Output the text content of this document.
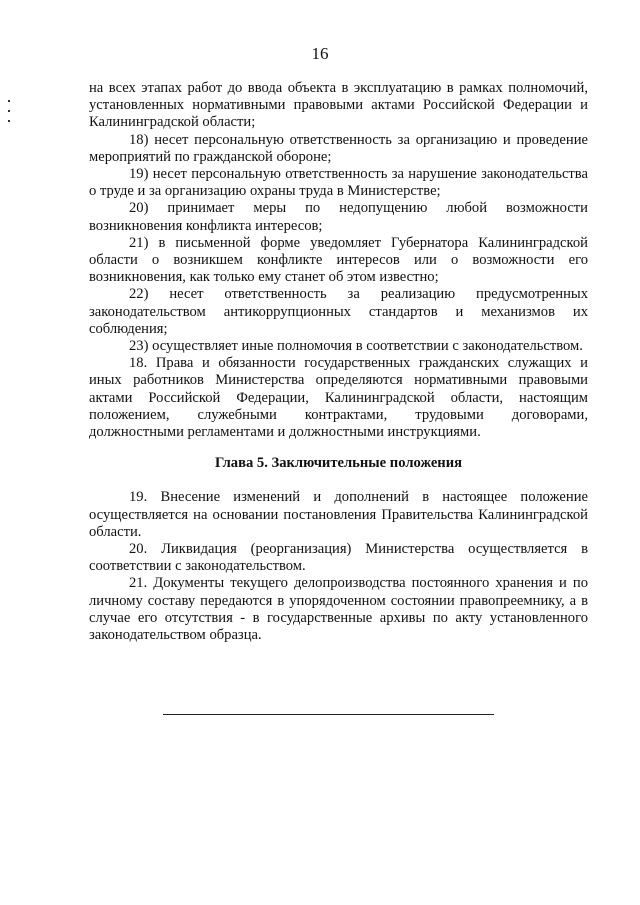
16

на всех этапах работ до ввода объекта в эксплуатацию в рамках полномочий, установленных нормативными правовыми актами Российской Федерации и Калининградской области;

18) несет персональную ответственность за организацию и проведение мероприятий по гражданской обороне;

19) несет персональную ответственность за нарушение законодательства о труде и за организацию охраны труда в Министерстве;

20) принимает меры по недопущению любой возможности возникновения конфликта интересов;

21) в письменной форме уведомляет Губернатора Калининградской области о возникшем конфликте интересов или о возможности его возникновения, как только ему станет об этом известно;

22) несет ответственность за реализацию предусмотренных законодательством антикоррупционных стандартов и механизмов их соблюдения;

23) осуществляет иные полномочия в соответствии с законодательством.

18. Права и обязанности государственных гражданских служащих и иных работников Министерства определяются нормативными правовыми актами Российской Федерации, Калининградской области, настоящим положением, служебными контрактами, трудовыми договорами, должностными регламентами и должностными инструкциями.

Глава 5. Заключительные положения

19. Внесение изменений и дополнений в настоящее положение осуществляется на основании постановления Правительства Калининградской области.

20. Ликвидация (реорганизация) Министерства осуществляется в соответствии с законодательством.

21. Документы текущего делопроизводства постоянного хранения и по личному составу передаются в упорядоченном состоянии правопреемнику, а в случае его отсутствия - в государственные архивы по акту установленного законодательством образца.
